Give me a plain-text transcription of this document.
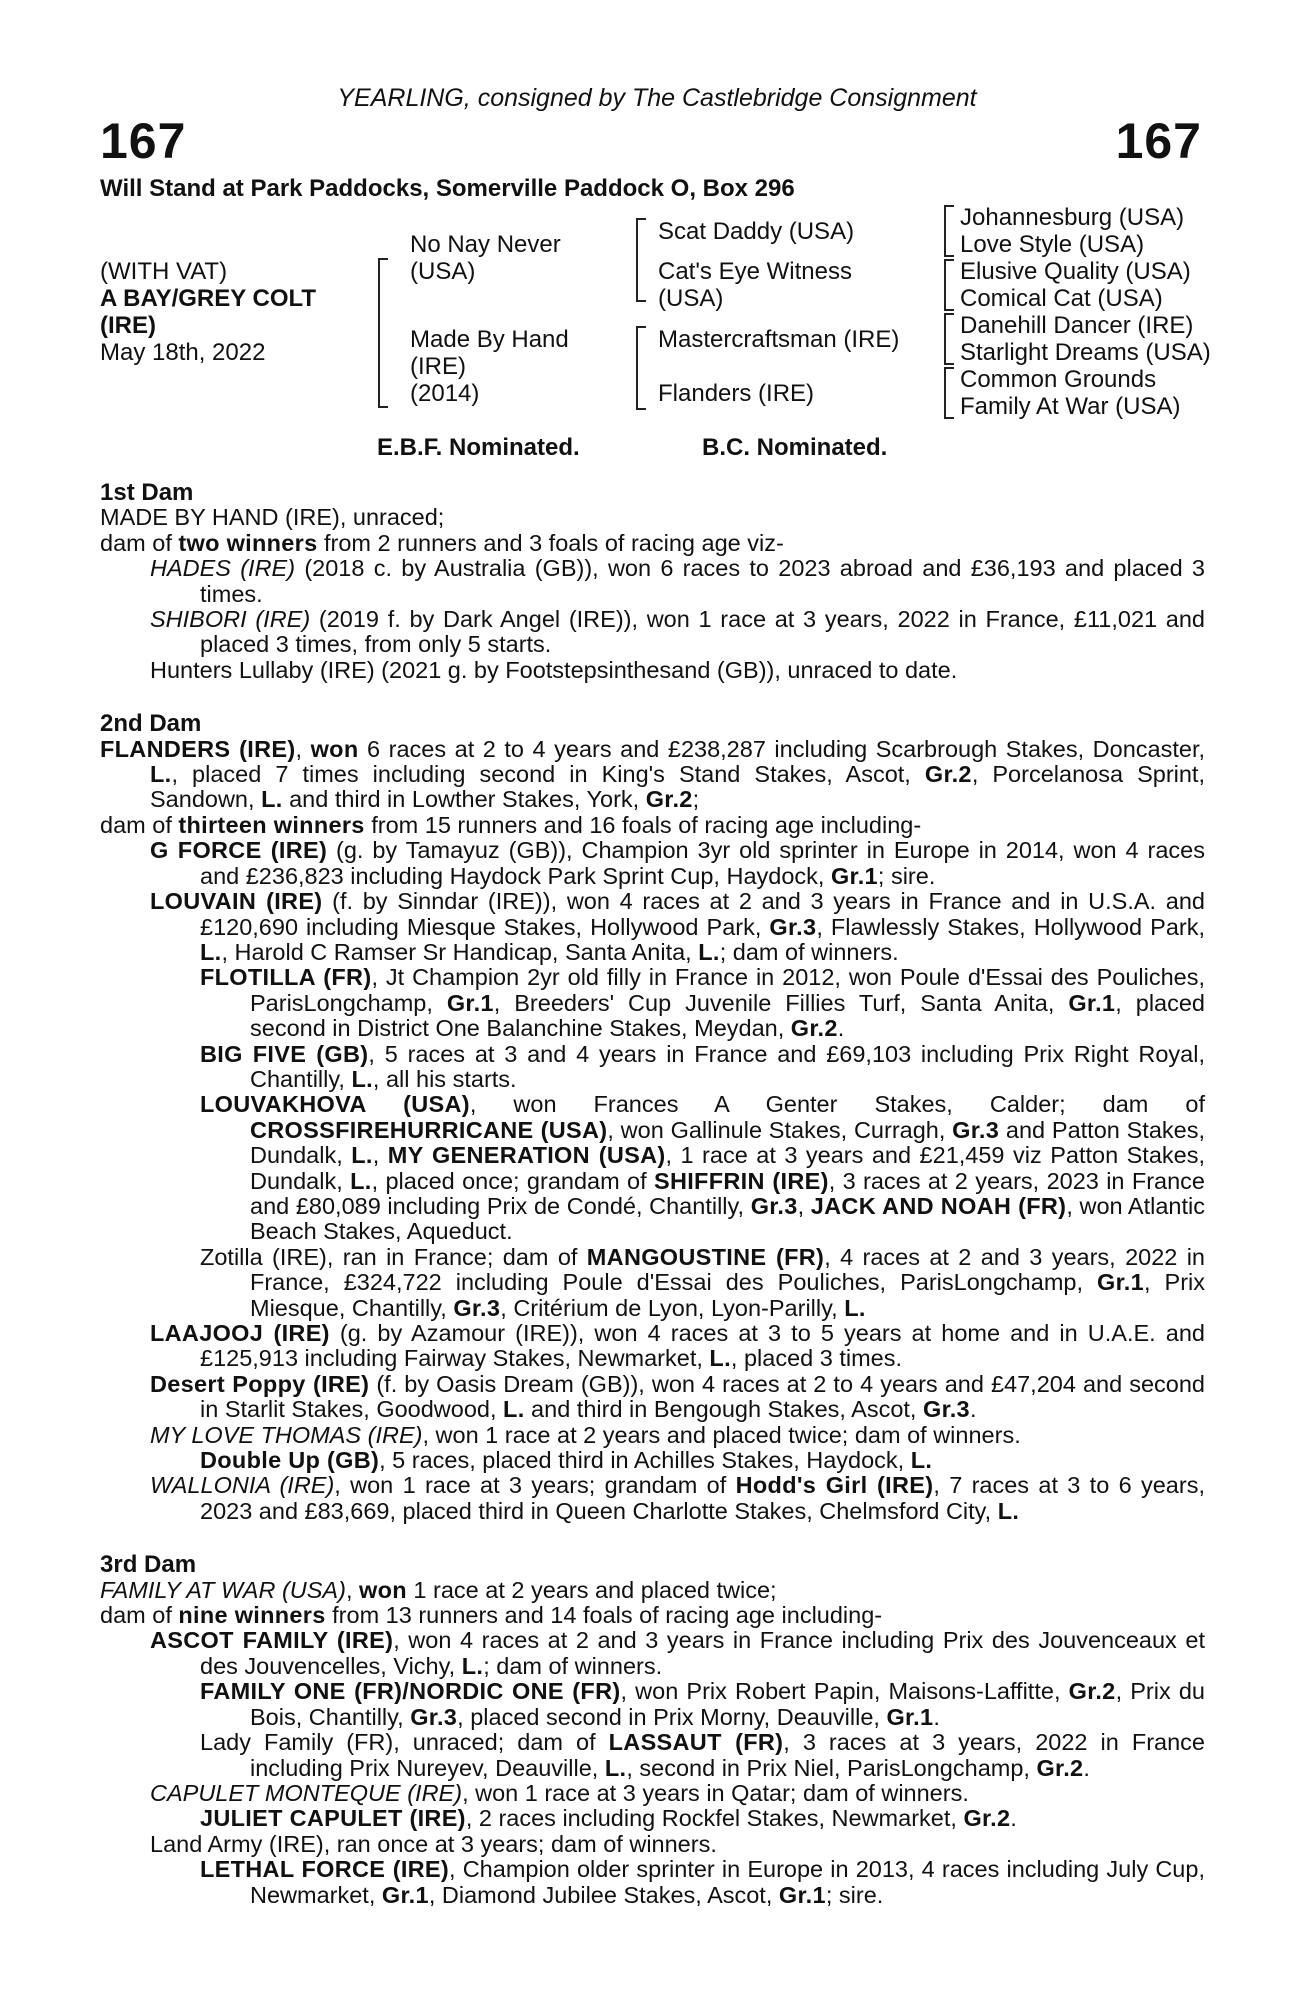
YEARLING, consigned by The Castlebridge Consignment
167	167
Will Stand at Park Paddocks, Somerville Paddock O, Box 296
(WITH VAT)
A BAY/GREY COLT
(IRE)
May 18th, 2022
No Nay Never
(USA)
Made By Hand
(IRE)
(2014)
Scat Daddy (USA)
Cat's Eye Witness
(USA)
Mastercraftsman (IRE)
Flanders (IRE)
Johannesburg (USA)
Love Style (USA)
Elusive Quality (USA)
Comical Cat (USA)
Danehill Dancer (IRE)
Starlight Dreams (USA)
Common Grounds
Family At War (USA)
E.B.F. Nominated.	B.C. Nominated.

1st Dam

MADE BY HAND (IRE), unraced;

dam of two winners from 2 runners and 3 foals of racing age viz-

HADES (IRE) (2018 c. by Australia (GB)), won 6 races to 2023 abroad and £36,193 and placed 3 times.

SHIBORI (IRE) (2019 f. by Dark Angel (IRE)), won 1 race at 3 years, 2022 in France, £11,021 and placed 3 times, from only 5 starts.

Hunters Lullaby (IRE) (2021 g. by Footstepsinthesand (GB)), unraced to date.

2nd Dam

FLANDERS (IRE), won 6 races at 2 to 4 years and £238,287 including Scarbrough Stakes, Doncaster, L., placed 7 times including second in King's Stand Stakes, Ascot, Gr.2, Porcelanosa Sprint, Sandown, L. and third in Lowther Stakes, York, Gr.2;

dam of thirteen winners from 15 runners and 16 foals of racing age including-

G FORCE (IRE) (g. by Tamayuz (GB)), Champion 3yr old sprinter in Europe in 2014, won 4 races and £236,823 including Haydock Park Sprint Cup, Haydock, Gr.1; sire.

LOUVAIN (IRE) (f. by Sinndar (IRE)), won 4 races at 2 and 3 years in France and in U.S.A. and £120,690 including Miesque Stakes, Hollywood Park, Gr.3, Flawlessly Stakes, Hollywood Park, L., Harold C Ramser Sr Handicap, Santa Anita, L.; dam of winners.

FLOTILLA (FR), Jt Champion 2yr old filly in France in 2012, won Poule d'Essai des Pouliches, ParisLongchamp, Gr.1, Breeders' Cup Juvenile Fillies Turf, Santa Anita, Gr.1, placed second in District One Balanchine Stakes, Meydan, Gr.2.

BIG FIVE (GB), 5 races at 3 and 4 years in France and £69,103 including Prix Right Royal, Chantilly, L., all his starts.

LOUVAKHOVA (USA), won Frances A Genter Stakes, Calder; dam of CROSSFIREHURRICANE (USA), won Gallinule Stakes, Curragh, Gr.3 and Patton Stakes, Dundalk, L., MY GENERATION (USA), 1 race at 3 years and £21,459 viz Patton Stakes, Dundalk, L., placed once; grandam of SHIFFRIN (IRE), 3 races at 2 years, 2023 in France and £80,089 including Prix de Condé, Chantilly, Gr.3, JACK AND NOAH (FR), won Atlantic Beach Stakes, Aqueduct.

Zotilla (IRE), ran in France; dam of MANGOUSTINE (FR), 4 races at 2 and 3 years, 2022 in France, £324,722 including Poule d'Essai des Pouliches, ParisLongchamp, Gr.1, Prix Miesque, Chantilly, Gr.3, Critérium de Lyon, Lyon-Parilly, L.

LAAJOOJ (IRE) (g. by Azamour (IRE)), won 4 races at 3 to 5 years at home and in U.A.E. and £125,913 including Fairway Stakes, Newmarket, L., placed 3 times.

Desert Poppy (IRE) (f. by Oasis Dream (GB)), won 4 races at 2 to 4 years and £47,204 and second in Starlit Stakes, Goodwood, L. and third in Bengough Stakes, Ascot, Gr.3.

MY LOVE THOMAS (IRE), won 1 race at 2 years and placed twice; dam of winners.

Double Up (GB), 5 races, placed third in Achilles Stakes, Haydock, L.

WALLONIA (IRE), won 1 race at 3 years; grandam of Hodd's Girl (IRE), 7 races at 3 to 6 years, 2023 and £83,669, placed third in Queen Charlotte Stakes, Chelmsford City, L.

3rd Dam

FAMILY AT WAR (USA), won 1 race at 2 years and placed twice;

dam of nine winners from 13 runners and 14 foals of racing age including-

ASCOT FAMILY (IRE), won 4 races at 2 and 3 years in France including Prix des Jouvenceaux et des Jouvencelles, Vichy, L.; dam of winners.

FAMILY ONE (FR)/NORDIC ONE (FR), won Prix Robert Papin, Maisons-Laffitte, Gr.2, Prix du Bois, Chantilly, Gr.3, placed second in Prix Morny, Deauville, Gr.1.

Lady Family (FR), unraced; dam of LASSAUT (FR), 3 races at 3 years, 2022 in France including Prix Nureyev, Deauville, L., second in Prix Niel, ParisLongchamp, Gr.2.

CAPULET MONTEQUE (IRE), won 1 race at 3 years in Qatar; dam of winners.

JULIET CAPULET (IRE), 2 races including Rockfel Stakes, Newmarket, Gr.2.

Land Army (IRE), ran once at 3 years; dam of winners.

LETHAL FORCE (IRE), Champion older sprinter in Europe in 2013, 4 races including July Cup, Newmarket, Gr.1, Diamond Jubilee Stakes, Ascot, Gr.1; sire.
